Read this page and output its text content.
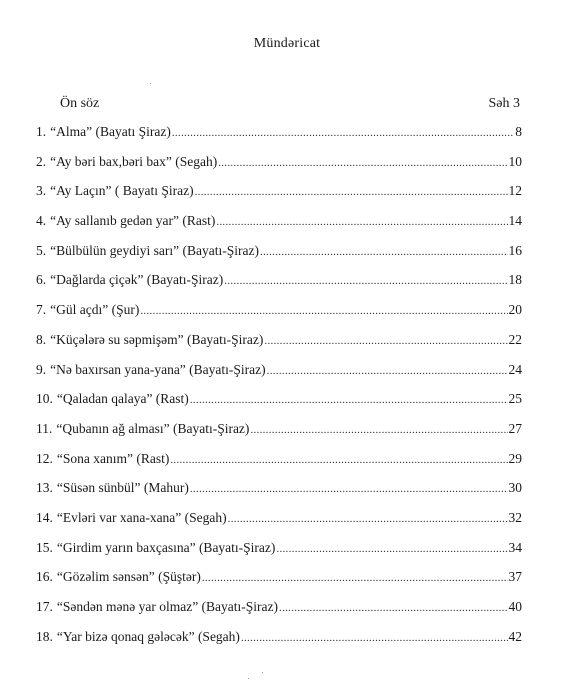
Mündəricat
Ön söz	Səh 3
1. “Alma” (Bayatı Şiraz) .....	8
2. “Ay bəri bax,bəri bax” (Segah) .....	10
3. “Ay Laçın” ( Bayatı Şiraz) .....	12
4. “Ay sallanıb gedən yar” (Rast) .....	14
5. “Bülbülün geydiyi sarı” (Bayatı-Şiraz) .....	16
6. “Dağlarda çiçək” (Bayatı-Şiraz) .....	18
7. “Gül açdı” (Şur) .....	20
8. “Küçələrə su səpmişəm” (Bayatı-Şiraz) .....	22
9. “Nə baxırsan yana-yana” (Bayatı-Şiraz) .....	24
10. “Qaladan qalaya” (Rast) .....	25
11. “Qubanın ağ alması” (Bayatı-Şiraz) .....	27
12. “Sona xanım” (Rast) .....	29
13. “Süsən sünbül” (Mahur) .....	30
14. “Evləri var xana-xana” (Segah) .....	32
15. “Girdim yarın baxçasına” (Bayatı-Şiraz) .....	34
16. “Gözəlim sənsən” (Şüştər) .....	37
17. “Səndən mənə yar olmaz” (Bayatı-Şiraz) .....	40
18. “Yar bizə qonaq gələcək” (Segah) .....	42
